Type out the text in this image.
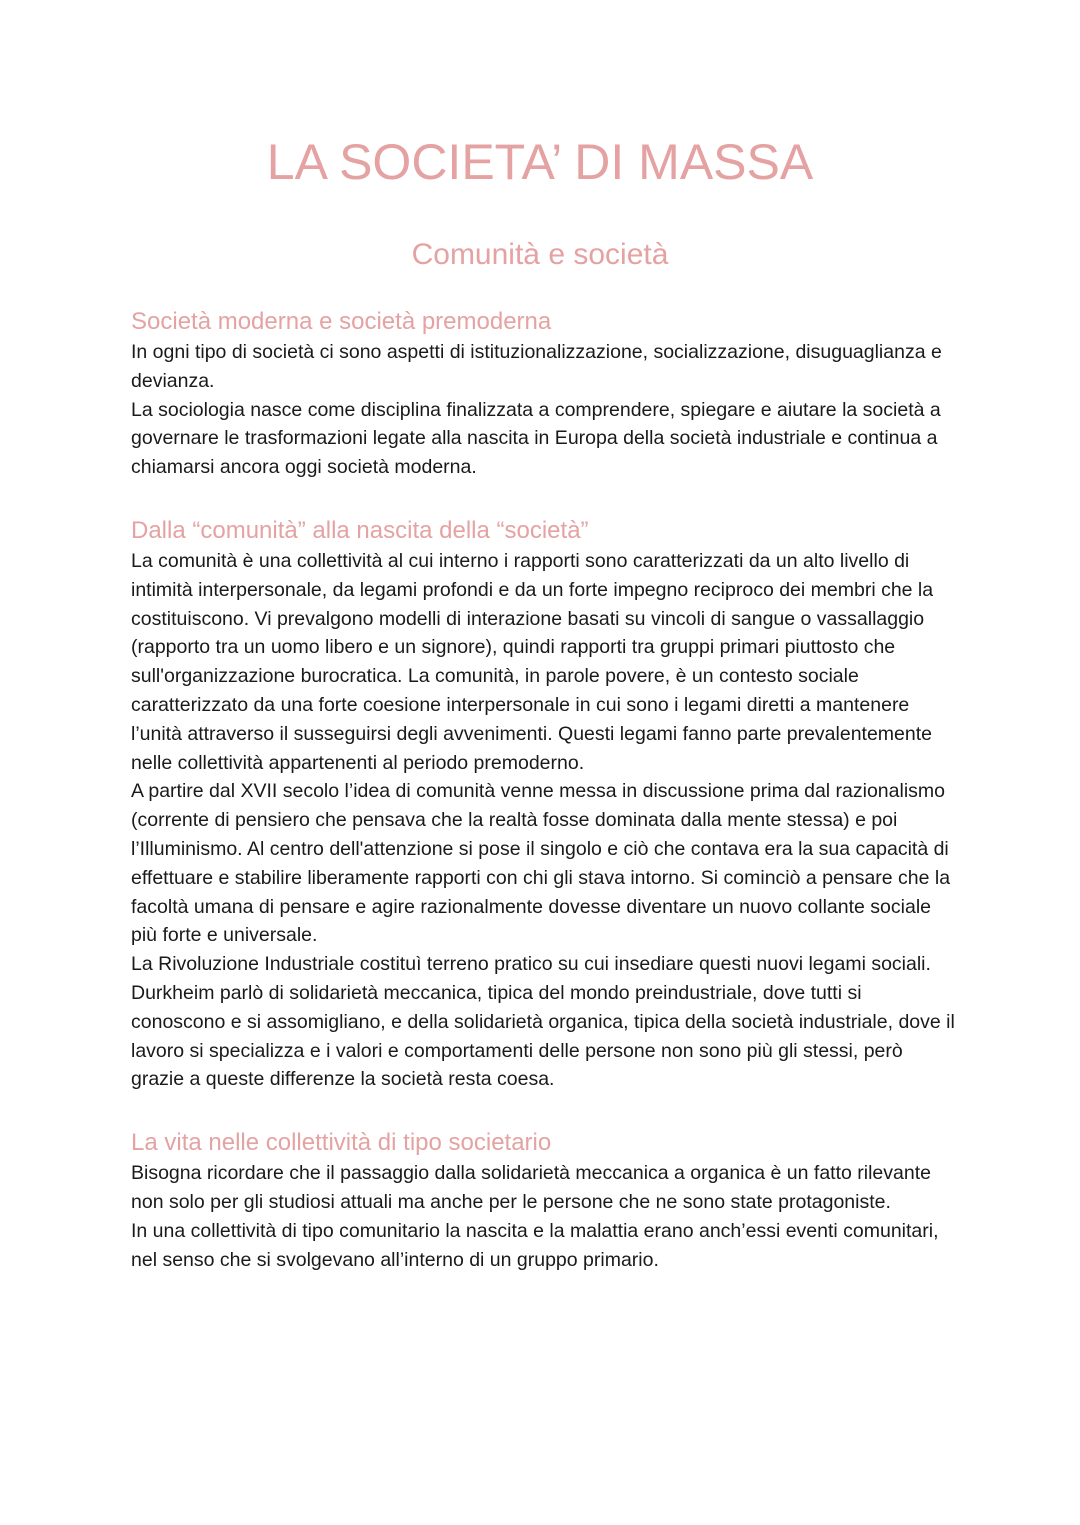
LA SOCIETA’ DI MASSA
Comunità e società
Società moderna e società premoderna

In ogni tipo di società ci sono aspetti di istituzionalizzazione, socializzazione, disuguaglianza e devianza.

La sociologia nasce come disciplina finalizzata a comprendere, spiegare e aiutare la società a governare le trasformazioni legate alla nascita in Europa della società industriale e continua a chiamarsi ancora oggi società moderna.

Dalla “comunità” alla nascita della “società”

La comunità è una collettività al cui interno i rapporti sono caratterizzati da un alto livello di intimità interpersonale, da legami profondi e da un forte impegno reciproco dei membri che la costituiscono. Vi prevalgono modelli di interazione basati su vincoli di sangue o vassallaggio (rapporto tra un uomo libero e un signore), quindi rapporti tra gruppi primari piuttosto che sull'organizzazione burocratica. La comunità, in parole povere, è un contesto sociale caratterizzato da una forte coesione interpersonale in cui sono i legami diretti a mantenere l’unità attraverso il susseguirsi degli avvenimenti. Questi legami fanno parte prevalentemente nelle collettività appartenenti al periodo premoderno.

A partire dal XVII secolo l’idea di comunità venne messa in discussione prima dal razionalismo (corrente di pensiero che pensava che la realtà fosse dominata dalla mente stessa) e poi l’Illuminismo. Al centro dell'attenzione si pose il singolo e ciò che contava era la sua capacità di effettuare e stabilire liberamente rapporti con chi gli stava intorno. Si cominciò a pensare che la facoltà umana di pensare e agire razionalmente dovesse diventare un nuovo collante sociale più forte e universale.

La Rivoluzione Industriale costituì terreno pratico su cui insediare questi nuovi legami sociali.

Durkheim parlò di solidarietà meccanica, tipica del mondo preindustriale, dove tutti si conoscono e si assomigliano, e della solidarietà organica, tipica della società industriale, dove il lavoro si specializza e i valori e comportamenti delle persone non sono più gli stessi, però grazie a queste differenze la società resta coesa.

La vita nelle collettività di tipo societario

Bisogna ricordare che il passaggio dalla solidarietà meccanica a organica è un fatto rilevante non solo per gli studiosi attuali ma anche per le persone che ne sono state protagoniste.

In una collettività di tipo comunitario la nascita e la malattia erano anch’essi eventi comunitari, nel senso che si svolgevano all’interno di un gruppo primario.
